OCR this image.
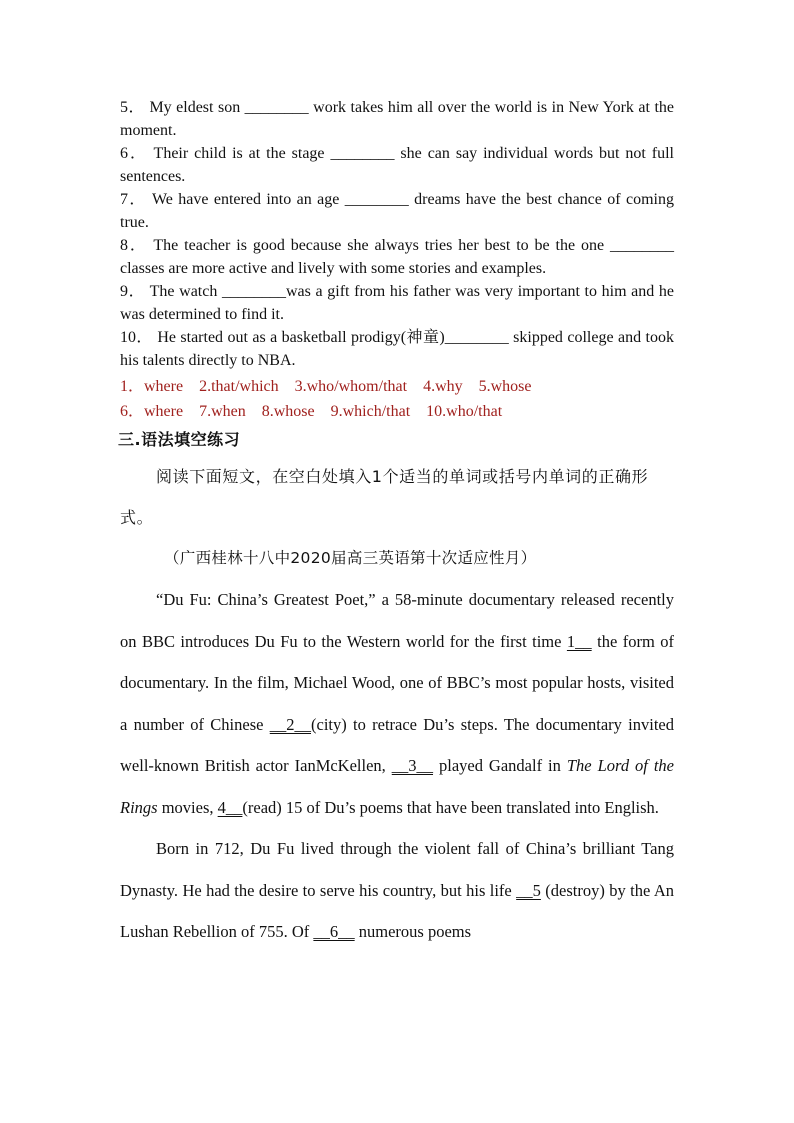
5． My eldest son ________ work takes him all over the world is in New York at the moment.

6． Their child is at the stage ________ she can say individual words but not full sentences.

7． We have entered into an age ________ dreams have the best chance of coming true.

8． The teacher is good because she always tries her best to be the one ________ classes are more active and lively with some stories and examples.

9． The watch ________was a gift from his father was very important to him and he was determined to find it.

10． He started out as a basketball prodigy(神童)________ skipped college and took his talents directly to NBA.

1．where    2.that/which    3.who/whom/that    4.why    5.whose

6．where    7.when    8.whose    9.which/that    10.who/that

三.语法填空练习

阅读下面短文，在空白处填入1个适当的单词或括号内单词的正确形式。

（广西桂林十八中2020届高三英语第十次适应性月）

“Du Fu: China’s Greatest Poet,” a 58-minute documentary released recently on BBC introduces Du Fu to the Western world for the first time 1__ the form of documentary. In the film, Michael Wood, one of BBC’s most popular hosts, visited a number of Chinese __2__(city) to retrace Du’s steps. The documentary invited well-known British actor IanMcKellen, __3__ played Gandalf in The Lord of the Rings movies, 4__(read) 15 of Du’s poems that have been translated into English.

Born in 712, Du Fu lived through the violent fall of China’s brilliant Tang Dynasty. He had the desire to serve his country, but his life __5 (destroy) by the An Lushan Rebellion of 755. Of __6__ numerous poems
